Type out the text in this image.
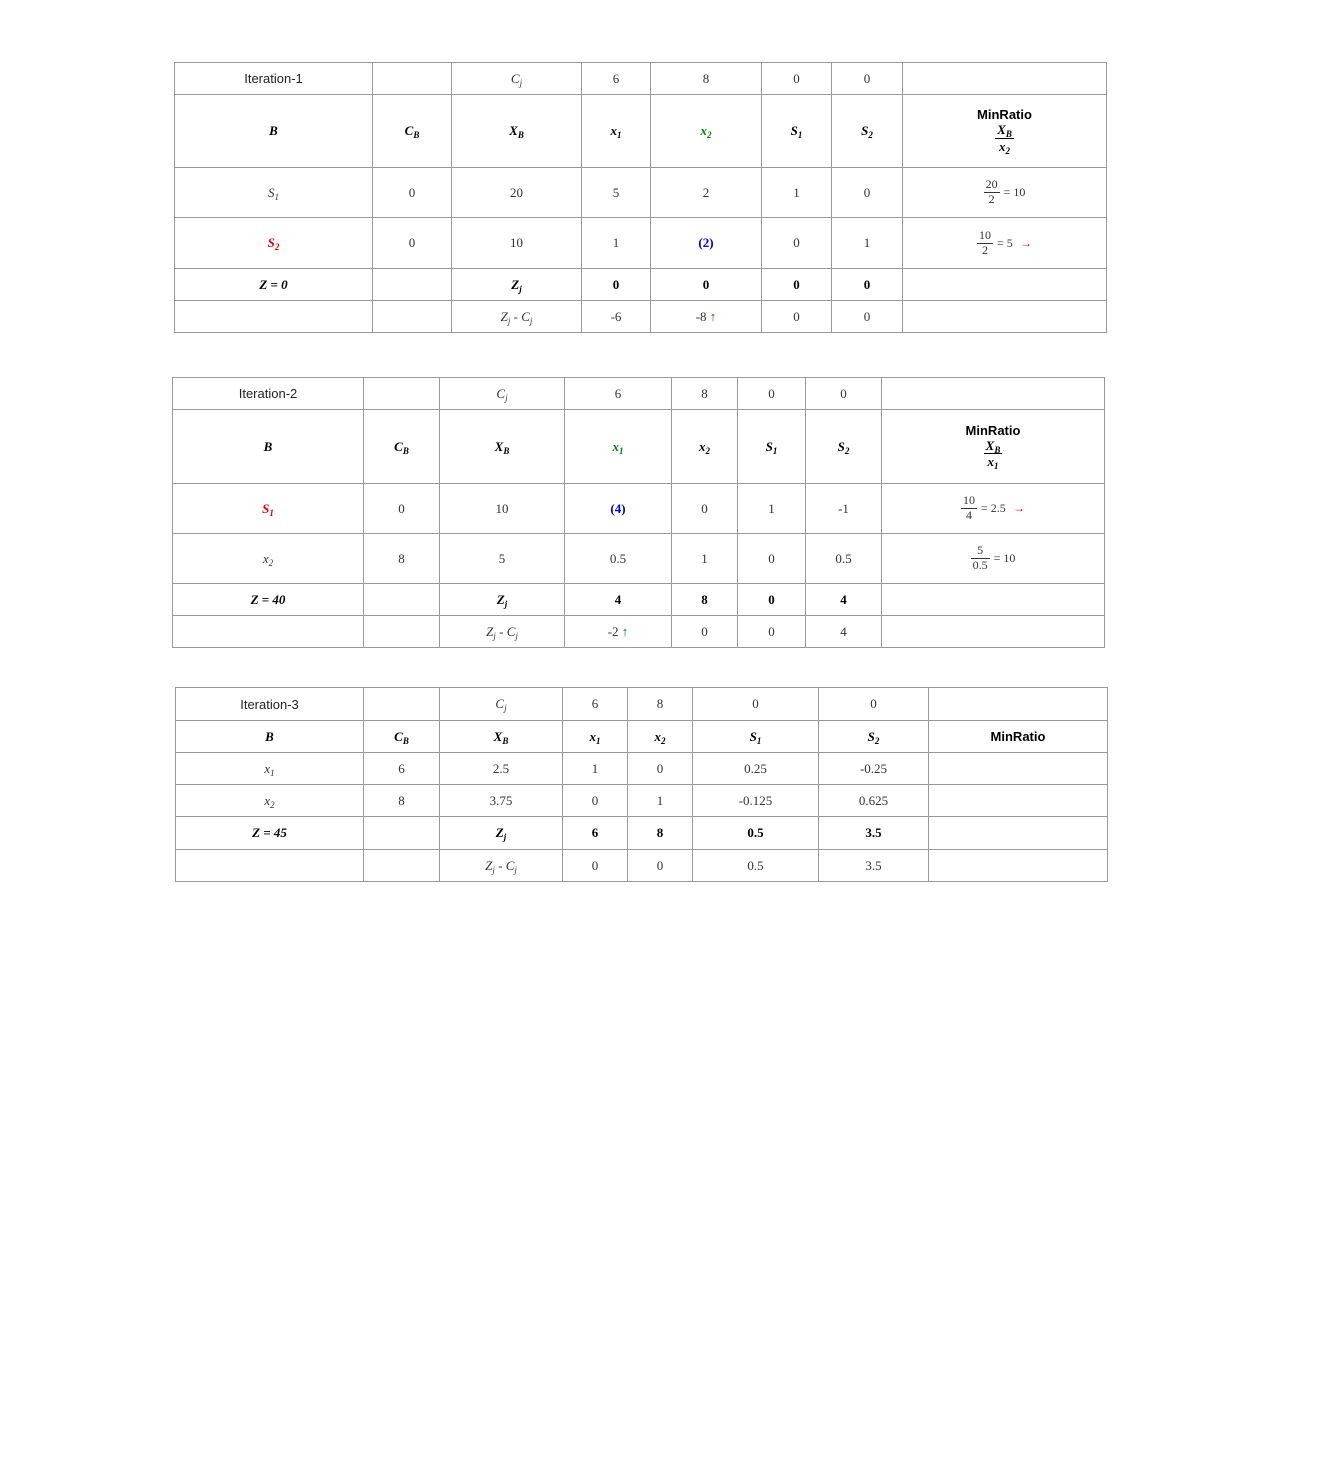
Iteration-1		$C_j$	6	8	0	0	
B	$C_B$	$X_B$	$x_1$	$x_2$	$S_1$	$S_2$	MinRatio
$\frac{X_B}{x_2}$

$S_1$	0	20	5	2	1	0	$\frac{20}{2} = 10$
$S_2$	0	10	1	(2)	0	1	$\frac{10}{2} = 5$ →
Z = 0		$Z_j$	0	0	0	0	
		$Z_j - C_j$	-6	-8 ↑	0	0	
Iteration-2		$C_j$	6	8	0	0	
B	$C_B$	$X_B$	$x_1$	$x_2$	$S_1$	$S_2$	MinRatio
$\frac{X_B}{x_1}$

$S_1$	0	10	(4)	0	1	-1	$\frac{10}{4} = 2.5$ →
$x_2$	8	5	0.5	1	0	0.5	$\frac{5}{0.5} = 10$
Z = 40		$Z_j$	4	8	0	4	
		$Z_j - C_j$	-2 ↑	0	0	4	
Iteration-3		$C_j$	6	8	0	0	
B	$C_B$	$X_B$	$x_1$	$x_2$	$S_1$	$S_2$	MinRatio

$x_1$	6	2.5	1	0	0.25	-0.25	
$x_2$	8	3.75	0	1	-0.125	0.625	
Z = 45		$Z_j$	6	8	0.5	3.5	
		$Z_j - C_j$	0	0	0.5	3.5	
